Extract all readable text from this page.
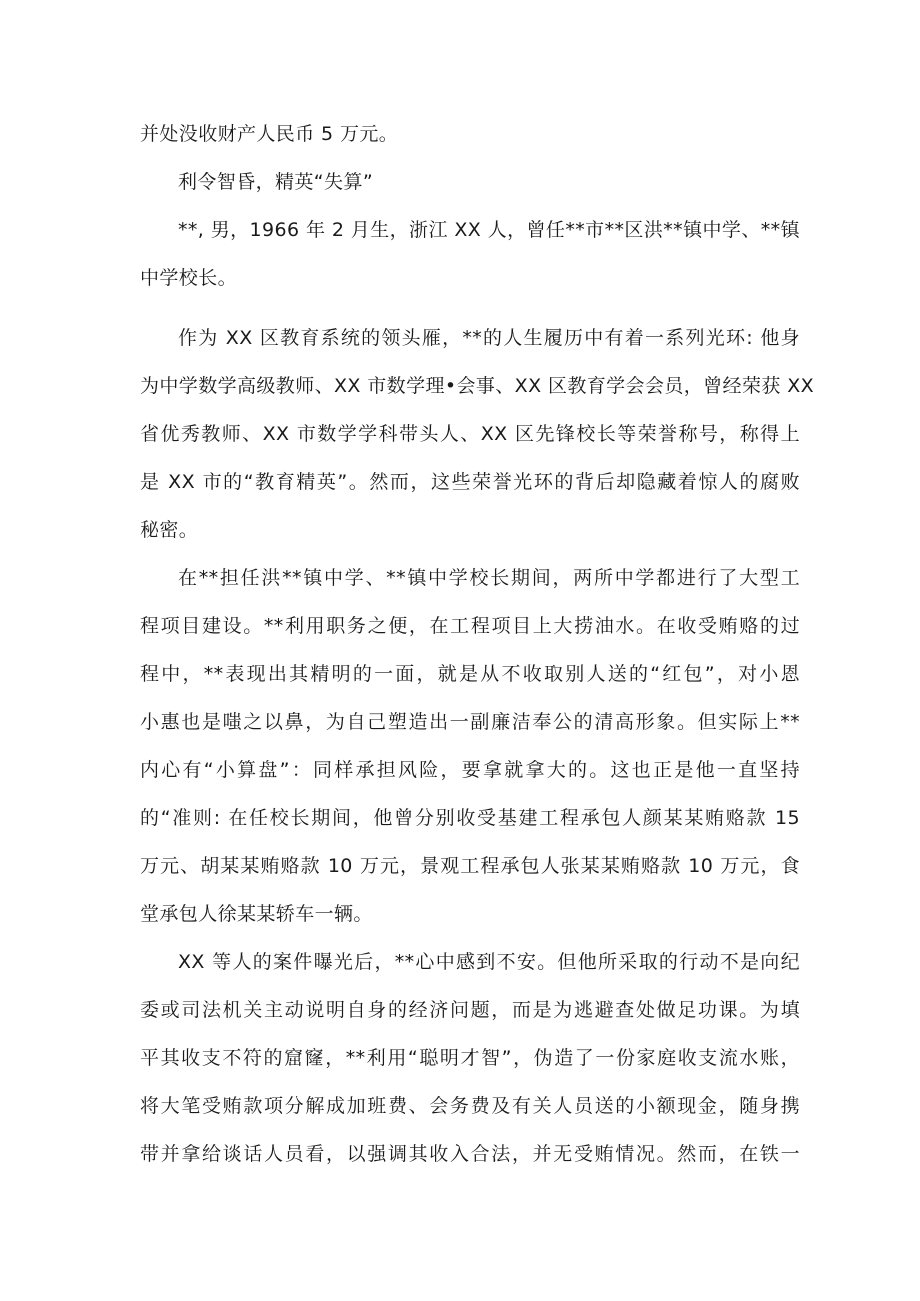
并处没收财产人民币 5 万元。
利令智昏，精英“失算”
**, 男，1966 年 2 月生，浙江 XX 人，曾任**市**区洪**镇中学、**镇
中学校长。
作为 XX 区教育系统的领头雁，**的人生履历中有着一系列光环: 他身
为中学数学高级教师、XX 市数学理•会事、XX 区教育学会会员，曾经荣获 XX
省优秀教师、XX 市数学学科带头人、XX 区先锋校长等荣誉称号，称得上
是 XX 市的“教育精英”。然而，这些荣誉光环的背后却隐藏着惊人的腐败
秘密。
在**担任洪**镇中学、**镇中学校长期间，两所中学都进行了大型工
程项目建设。**利用职务之便，在工程项目上大捞油水。在收受贿赂的过
程中，**表现出其精明的一面，就是从不收取别人送的“红包”，对小恩
小惠也是嗤之以鼻，为自己塑造出一副廉洁奉公的清高形象。但实际上**
内心有“小算盘”：同样承担风险，要拿就拿大的。这也正是他一直坚持
的“准则: 在任校长期间，他曾分别收受基建工程承包人颜某某贿赂款 15
万元、胡某某贿赂款 10 万元，景观工程承包人张某某贿赂款 10 万元，食
堂承包人徐某某轿车一辆。
XX 等人的案件曝光后，**心中感到不安。但他所采取的行动不是向纪
委或司法机关主动说明自身的经济问题，而是为逃避查处做足功课。为填
平其收支不符的窟窿，**利用“聪明才智”，伪造了一份家庭收支流水账，
将大笔受贿款项分解成加班费、会务费及有关人员送的小额现金，随身携
带并拿给谈话人员看，以强调其收入合法，并无受贿情况。然而，在铁一
